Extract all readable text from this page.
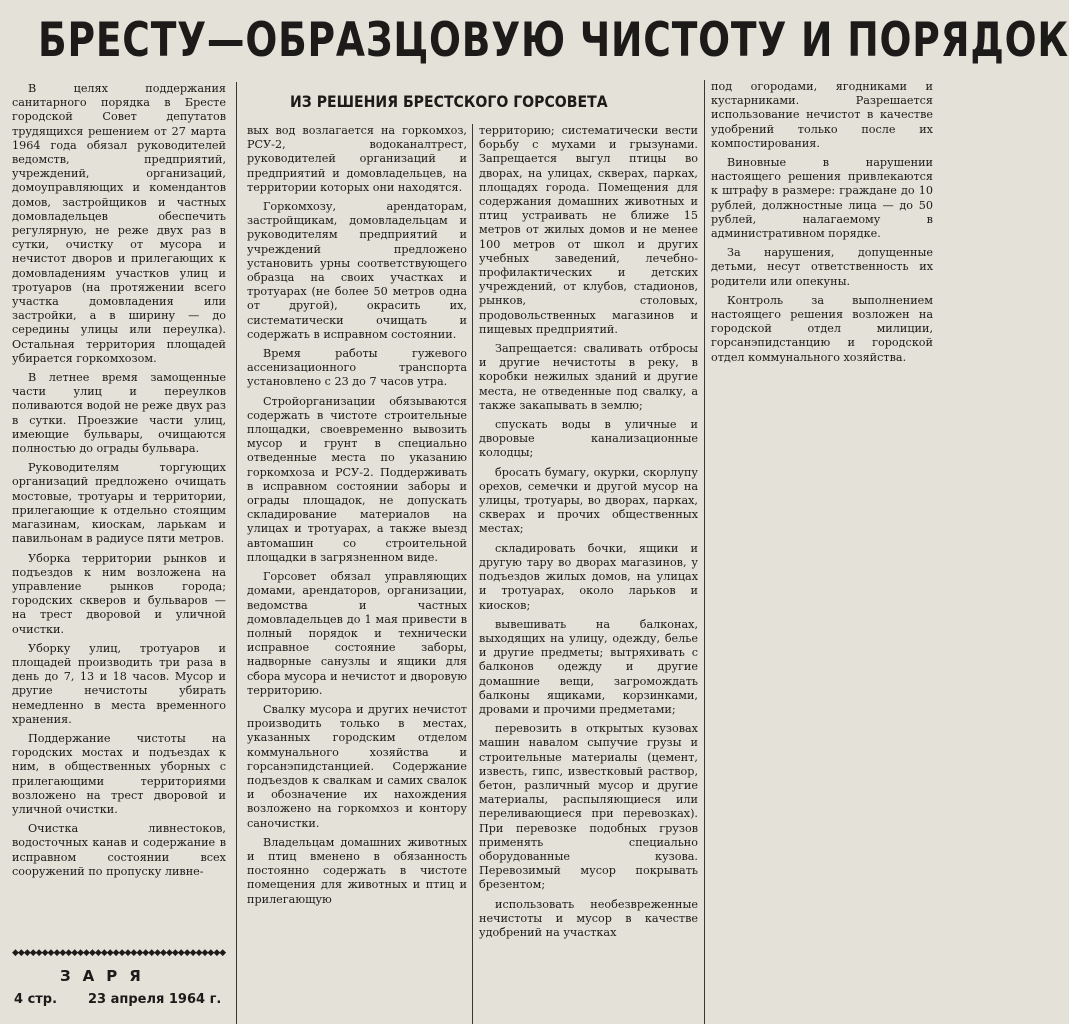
БРЕСТУ—ОБРАЗЦОВУЮ ЧИСТОТУ И ПОРЯДОК
ИЗ РЕШЕНИЯ БРЕСТСКОГО ГОРСОВЕТА

В целях поддержания санитарного порядка в Бресте городской Совет депутатов трудящихся решением от 27 марта 1964 года обязал руководителей ведомств, предприятий, учреждений, организаций, домоуправляющих и комендантов домов, застройщиков и частных домовладельцев обеспечить регулярную, не реже двух раз в сутки, очистку от мусора и нечистот дворов и прилегающих к домовладениям участков улиц и тротуаров (на протяжении всего участка домовладения или застройки, а в ширину — до середины улицы или переулка). Остальная территория площадей убирается горкомхозом.

В летнее время замощенные части улиц и переулков поливаются водой не реже двух раз в сутки. Проезжие части улиц, имеющие бульвары, очищаются полностью до ограды бульвара.

Руководителям торгующих организаций предложено очищать мостовые, тротуары и территории, прилегающие к отдельно стоящим магазинам, киоскам, ларькам и павильонам в радиусе пяти метров.

Уборка территории рынков и подъездов к ним возложена на управление рынков города; городских скверов и бульваров — на трест дворовой и уличной очистки.

Уборку улиц, тротуаров и площадей производить три раза в день до 7, 13 и 18 часов. Мусор и другие нечистоты убирать немедленно в места временного хранения.

Поддержание чистоты на городских мостах и подъездах к ним, в общественных уборных с прилегающими территориями возложено на трест дворовой и уличной очистки.

Очистка ливнестоков, водосточных канав и содержание в исправном состоянии всех сооружений по пропуску ливне-

вых вод возлагается на горкомхоз, РСУ-2, водоканалтрест, руководителей организаций и предприятий и домовладельцев, на территории которых они находятся.

Горкомхозу, арендаторам, застройщикам, домовладельцам и руководителям предприятий и учреждений предложено установить урны соответствующего образца на своих участках и тротуарах (не более 50 метров одна от другой), окрасить их, систематически очищать и содержать в исправном состоянии.

Время работы гужевого ассенизационного транспорта установлено с 23 до 7 часов утра.

Стройорганизации обязываются содержать в чистоте строительные площадки, своевременно вывозить мусор и грунт в специально отведенные места по указанию горкомхоза и РСУ-2. Поддерживать в исправном состоянии заборы и ограды площадок, не допускать складирование материалов на улицах и тротуарах, а также выезд автомашин со строительной площадки в загрязненном виде.

Горсовет обязал управляющих домами, арендаторов, организации, ведомства и частных домовладельцев до 1 мая привести в полный порядок и технически исправное состояние заборы, надворные санузлы и ящики для сбора мусора и нечистот и дворовую территорию.

Свалку мусора и других нечистот производить только в местах, указанных городским отделом коммунального хозяйства и горсанэпидстанцией. Содержание подъездов к свалкам и самих свалок и обозначение их нахождения возложено на горкомхоз и контору саночистки.

Владельцам домашних животных и птиц вменено в обязанность постоянно содержать в чистоте помещения для животных и птиц и прилегающую

территорию; систематически вести борьбу с мухами и грызунами. Запрещается выгул птицы во дворах, на улицах, скверах, парках, площадях города. Помещения для содержания домашних животных и птиц устраивать не ближе 15 метров от жилых домов и не менее 100 метров от школ и других учебных заведений, лечебно-профилактических и детских учреждений, от клубов, стадионов, рынков, столовых, продовольственных магазинов и пищевых предприятий.

Запрещается: сваливать отбросы и другие нечистоты в реку, в коробки нежилых зданий и другие места, не отведенные под свалку, а также закапывать в землю;

спускать воды в уличные и дворовые канализационные колодцы;

бросать бумагу, окурки, скорлупу орехов, семечки и другой мусор на улицы, тротуары, во дворах, парках, скверах и прочих общественных местах;

складировать бочки, ящики и другую тару во дворах магазинов, у подъездов жилых домов, на улицах и тротуарах, около ларьков и киосков;

вывешивать на балконах, выходящих на улицу, одежду, белье и другие предметы; вытряхивать с балконов одежду и другие домашние вещи, загромождать балконы ящиками, корзинками, дровами и прочими предметами;

перевозить в открытых кузовах машин навалом сыпучие грузы и строительные материалы (цемент, известь, гипс, известковый раствор, бетон, различный мусор и другие материалы, распыляющиеся или переливающиеся при перевозках). При перевозке подобных грузов применять специально оборудованные кузова. Перевозимый мусор покрывать брезентом;

использовать необезвреженные нечистоты и мусор в качестве удобрений на участках

под огородами, ягодниками и кустарниками. Разрешается использование нечистот в качестве удобрений только после их компостирования.

Виновные в нарушении настоящего решения привлекаются к штрафу в размере: гражданe до 10 рублей, должностные лица — до 50 рублей, налагаемому в административном порядке.

За нарушения, допущенные детьми, несут ответственность их родители или опекуны.

Контроль за выполнением настоящего решения возложен на городской отдел милиции, горсанэпидстанцию и городской отдел коммунального хозяйства.

◆◆◆◆◆◆◆◆◆◆◆◆◆◆◆◆◆◆◆◆◆◆◆◆◆◆◆◆◆◆◆◆◆◆◆◆
ЗАРЯ
4 стр. 23 апреля 1964 г.
